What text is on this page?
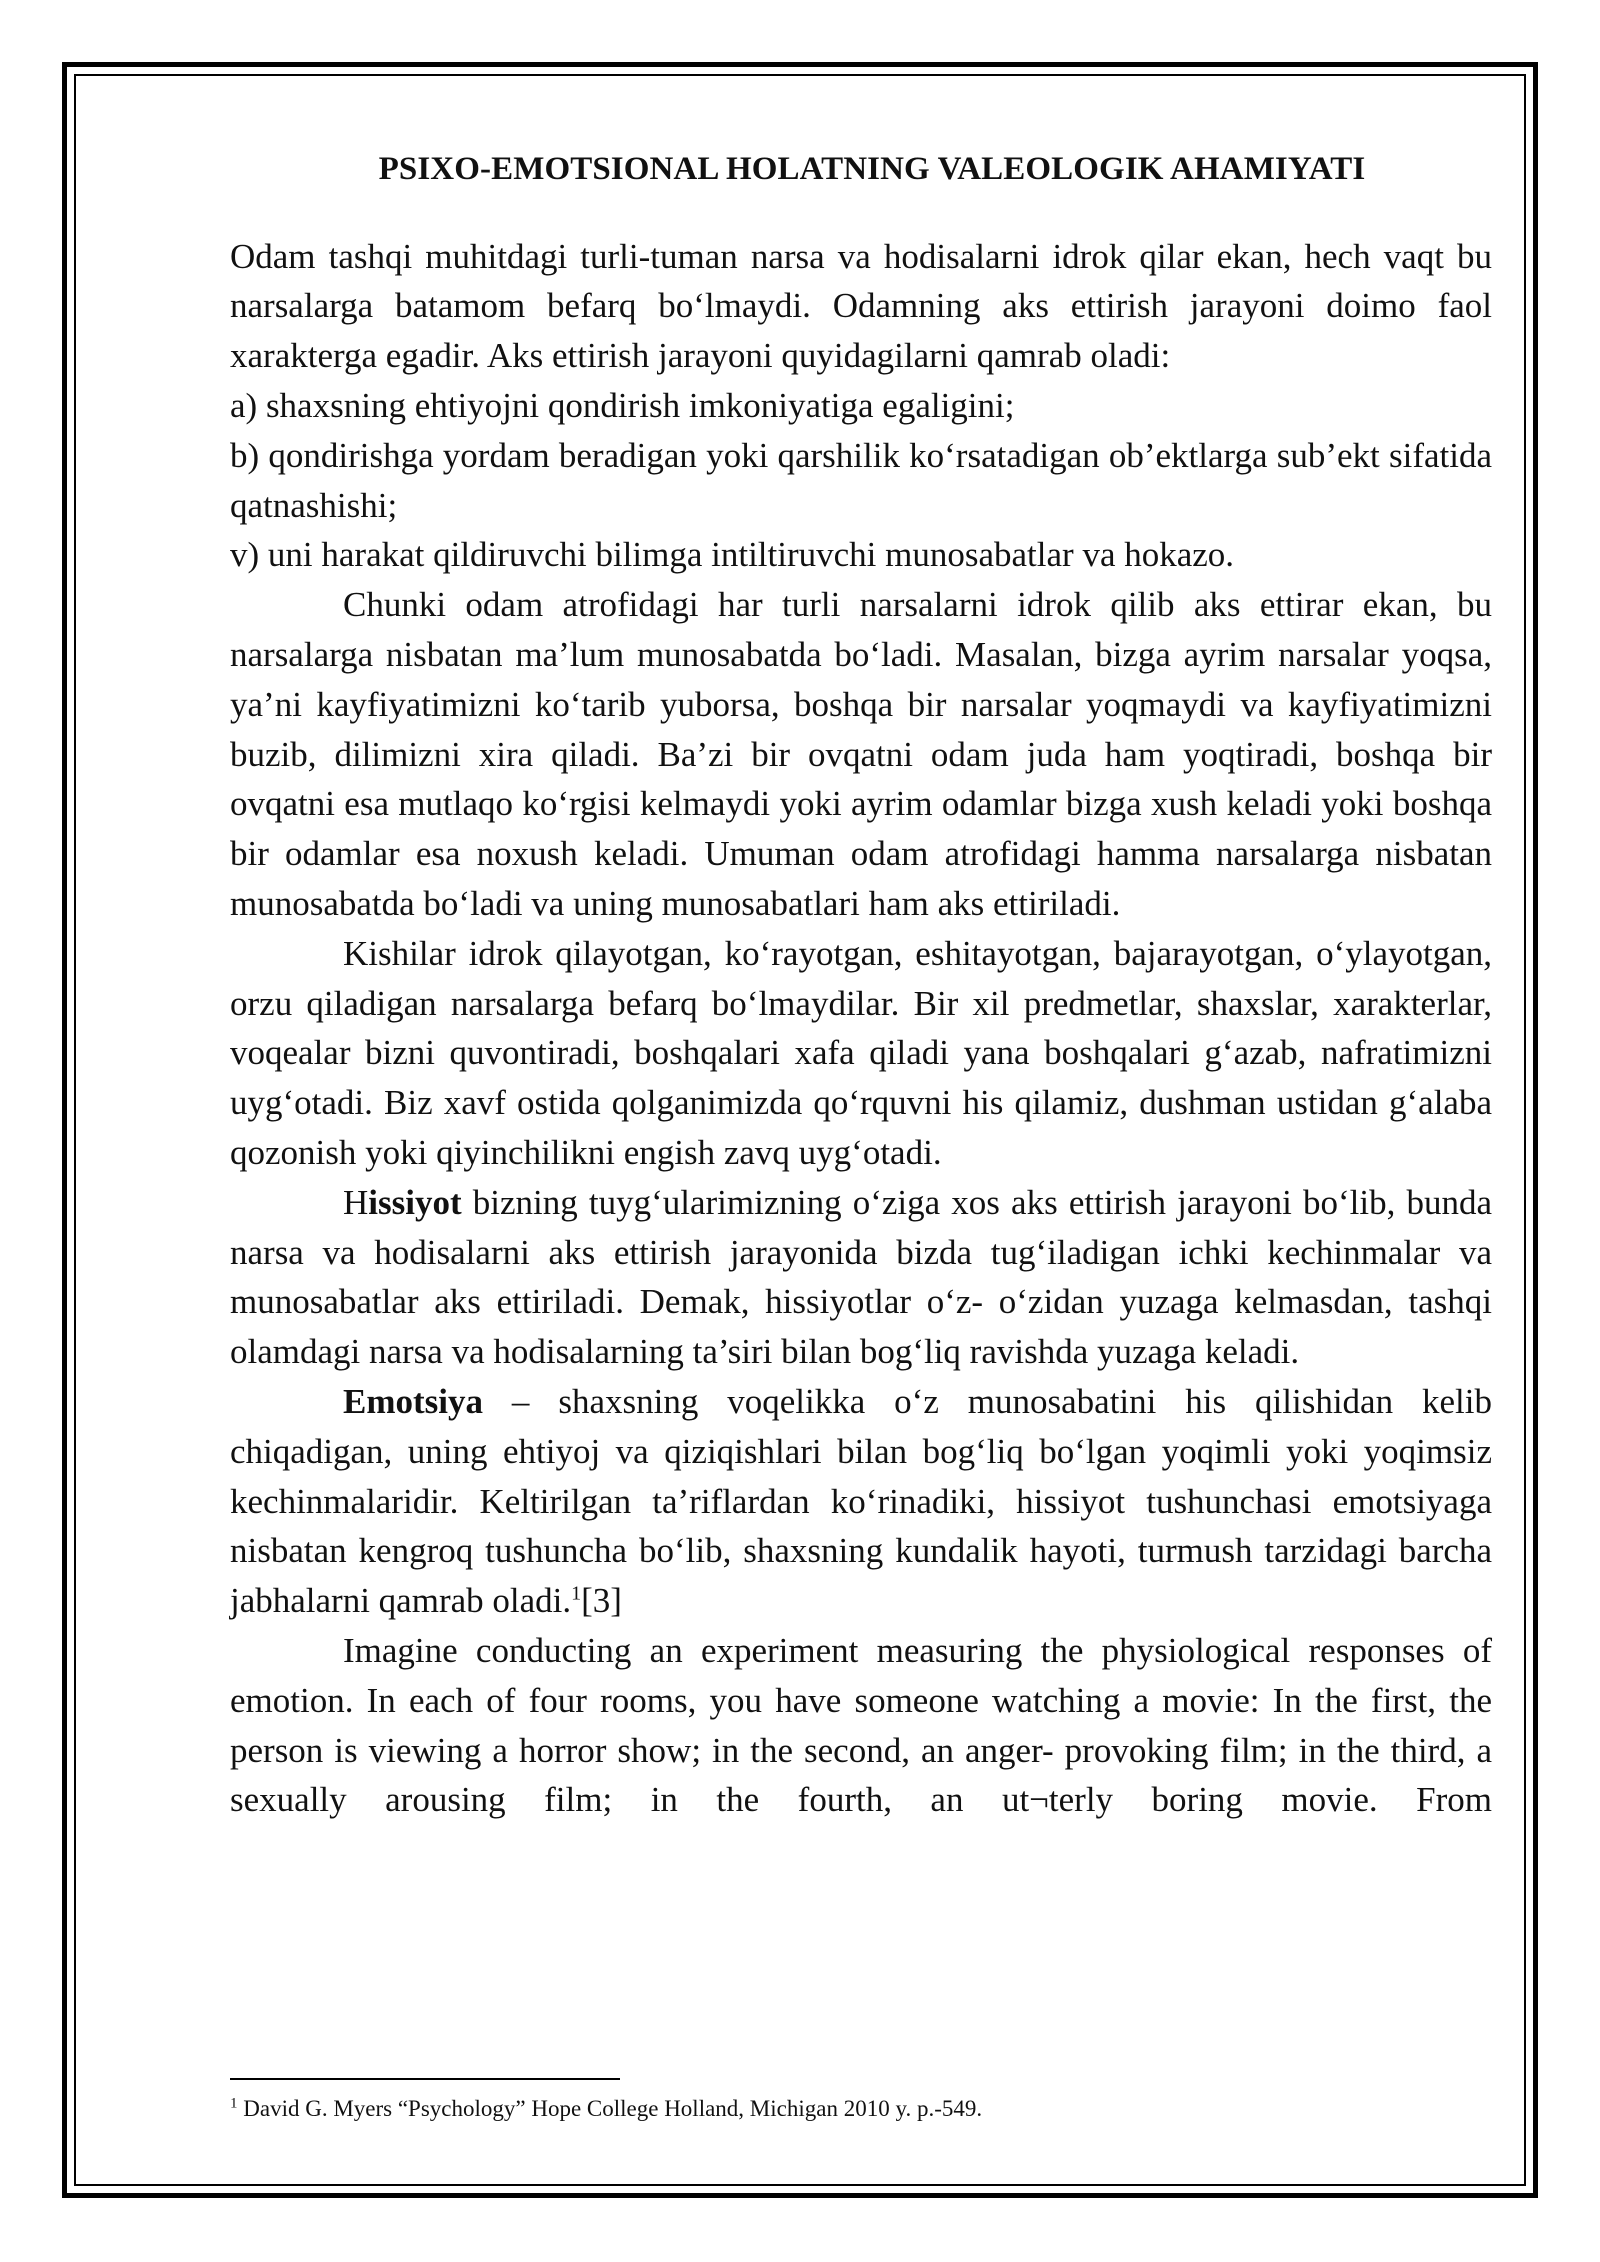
PSIXO-EMOTSIONAL HOLATNING VALEOLOGIK AHAMIYATI

Odam tashqi muhitdagi turli-tuman narsa va hodisalarni idrok qilar ekan, hech vaqt bu narsalarga batamom befarq bo‘lmaydi. Odamning aks ettirish jarayoni doimo faol xarakterga egadir. Aks ettirish jarayoni quyidagilarni qamrab oladi:

a) shaxsning ehtiyojni qondirish imkoniyatiga egaligini;

b) qondirishga yordam beradigan yoki qarshilik ko‘rsatadigan ob’ektlarga sub’ekt sifatida qatnashishi;

v) uni harakat qildiruvchi bilimga intiltiruvchi munosabatlar va hokazo.

Chunki odam atrofidagi har turli narsalarni idrok qilib aks ettirar ekan, bu narsalarga nisbatan ma’lum munosabatda bo‘ladi. Masalan, bizga ayrim narsalar yoqsa, ya’ni kayfiyatimizni ko‘tarib yuborsa, boshqa bir narsalar yoqmaydi va kayfiyatimizni buzib, dilimizni xira qiladi. Ba’zi bir ovqatni odam juda ham yoqtiradi, boshqa bir ovqatni esa mutlaqo ko‘rgisi kelmaydi yoki ayrim odamlar bizga xush keladi yoki boshqa bir odamlar esa noxush keladi. Umuman odam atrofidagi hamma narsalarga nisbatan munosabatda bo‘ladi va uning munosabatlari ham aks ettiriladi.

Kishilar idrok qilayotgan, ko‘rayotgan, eshitayotgan, bajarayotgan, o‘ylayotgan, orzu qiladigan narsalarga befarq bo‘lmaydilar. Bir xil predmetlar, shaxslar, xarakterlar, voqealar bizni quvontiradi, boshqalari xafa qiladi yana boshqalari g‘azab, nafratimizni uyg‘otadi. Biz xavf ostida qolganimizda qo‘rquvni his qilamiz, dushman ustidan g‘alaba qozonish yoki qiyinchilikni engish zavq uyg‘otadi.

Hissiyot bizning tuyg‘ularimizning o‘ziga xos aks ettirish jarayoni bo‘lib, bunda narsa va hodisalarni aks ettirish jarayonida bizda tug‘iladigan ichki kechinmalar va munosabatlar aks ettiriladi. Demak, hissiyotlar o‘z- o‘zidan yuzaga kelmasdan, tashqi olamdagi narsa va hodisalarning ta’siri bilan bog‘liq ravishda yuzaga keladi.

Emotsiya – shaxsning voqelikka o‘z munosabatini his qilishidan kelib chiqadigan, uning ehtiyoj va qiziqishlari bilan bog‘liq bo‘lgan yoqimli yoki yoqimsiz kechinmalaridir. Keltirilgan ta’riflardan ko‘rinadiki, hissiyot tushunchasi emotsiyaga nisbatan kengroq tushuncha bo‘lib, shaxsning kundalik hayoti, turmush tarzidagi barcha jabhalarni qamrab oladi.$^1$[3]

Imagine conducting an experiment measuring the physiological responses of emotion. In each of four rooms, you have someone watching a movie: In the first, the person is viewing a horror show; in the second, an anger- provoking film; in the third, a sexually arousing film; in the fourth, an ut¬terly boring movie. From

$^1$ David G. Myers “Psychology” Hope College Holland, Michigan 2010 y. p.-549.
